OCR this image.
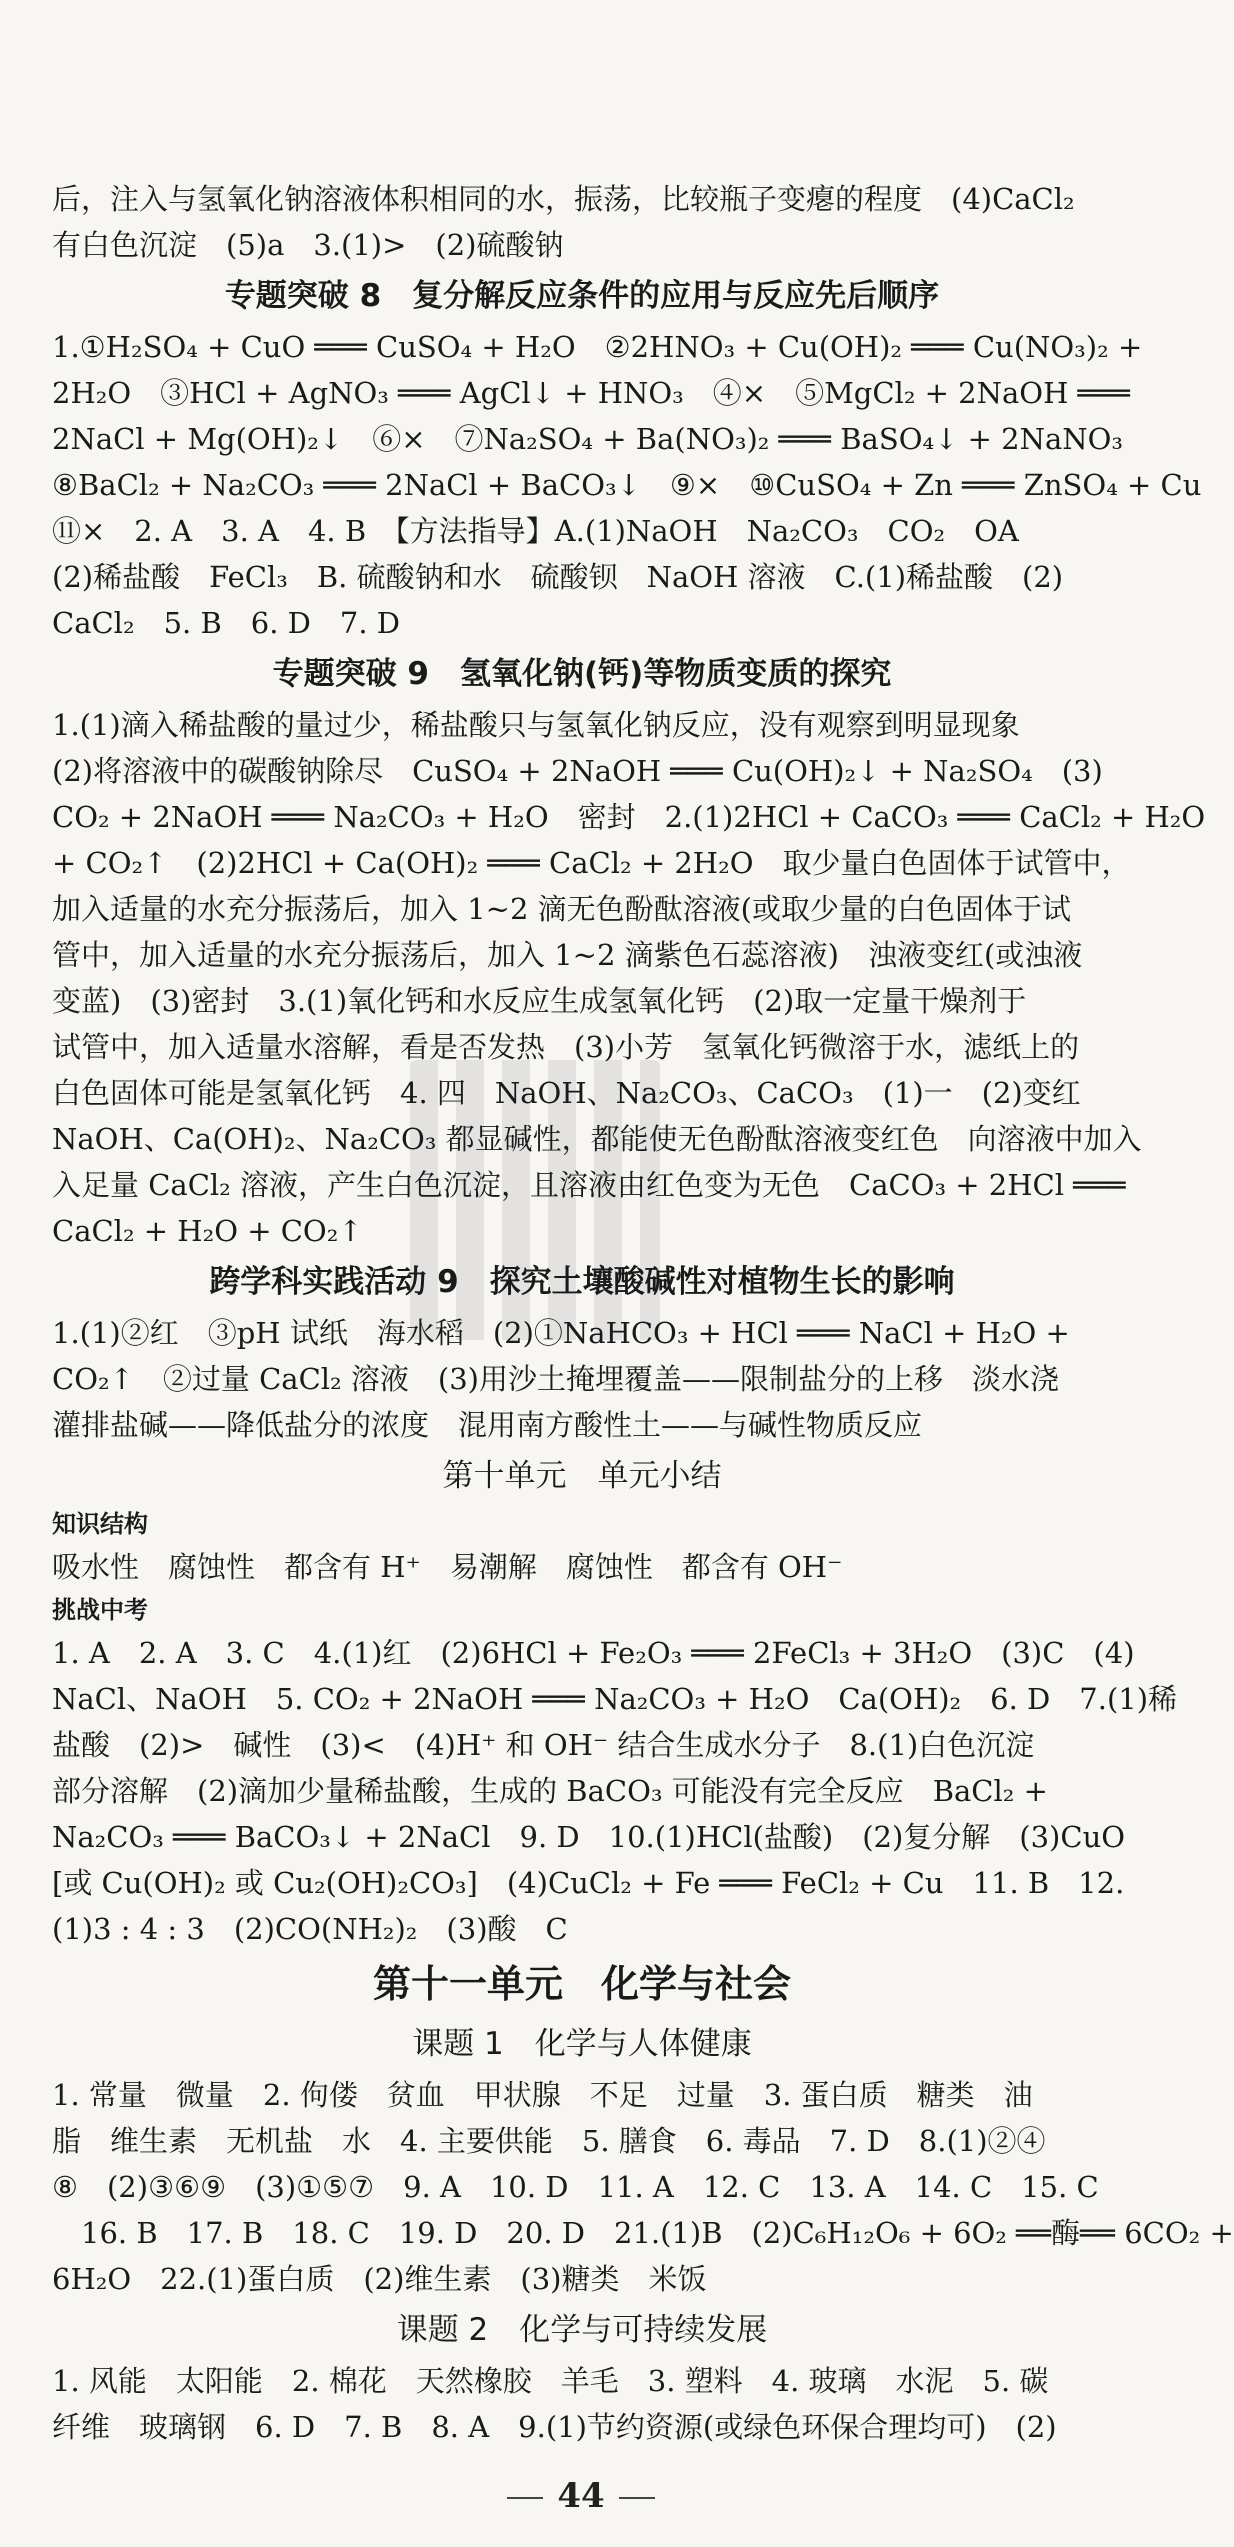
后，注入与氢氧化钠溶液体积相同的水，振荡，比较瓶子变瘪的程度　(4)CaCl₂
有白色沉淀　(5)a　3.(1)>　(2)硫酸钠
专题突破 8　复分解反应条件的应用与反应先后顺序
1.①H₂SO₄ + CuO ═══ CuSO₄ + H₂O　②2HNO₃ + Cu(OH)₂ ═══ Cu(NO₃)₂ +
2H₂O　③HCl + AgNO₃ ═══ AgCl↓ + HNO₃　④×　⑤MgCl₂ + 2NaOH ═══
2NaCl + Mg(OH)₂↓　⑥×　⑦Na₂SO₄ + Ba(NO₃)₂ ═══ BaSO₄↓ + 2NaNO₃
⑧BaCl₂ + Na₂CO₃ ═══ 2NaCl + BaCO₃↓　⑨×　⑩CuSO₄ + Zn ═══ ZnSO₄ + Cu
⑪×　2. A　3. A　4. B　【方法指导】A.(1)NaOH　Na₂CO₃　CO₂　OA
(2)稀盐酸　FeCl₃　B. 硫酸钠和水　硫酸钡　NaOH 溶液　C.(1)稀盐酸　(2)
CaCl₂　5. B　6. D　7. D
专题突破 9　氢氧化钠(钙)等物质变质的探究
1.(1)滴入稀盐酸的量过少，稀盐酸只与氢氧化钠反应，没有观察到明显现象
(2)将溶液中的碳酸钠除尽　CuSO₄ + 2NaOH ═══ Cu(OH)₂↓ + Na₂SO₄　(3)
CO₂ + 2NaOH ═══ Na₂CO₃ + H₂O　密封　2.(1)2HCl + CaCO₃ ═══ CaCl₂ + H₂O
+ CO₂↑　(2)2HCl + Ca(OH)₂ ═══ CaCl₂ + 2H₂O　取少量白色固体于试管中，
加入适量的水充分振荡后，加入 1~2 滴无色酚酞溶液(或取少量的白色固体于试
管中，加入适量的水充分振荡后，加入 1~2 滴紫色石蕊溶液)　浊液变红(或浊液
变蓝)　(3)密封　3.(1)氧化钙和水反应生成氢氧化钙　(2)取一定量干燥剂于
试管中，加入适量水溶解，看是否发热　(3)小芳　氢氧化钙微溶于水，滤纸上的
白色固体可能是氢氧化钙　4. 四　NaOH、Na₂CO₃、CaCO₃　(1)一　(2)变红
NaOH、Ca(OH)₂、Na₂CO₃ 都显碱性，都能使无色酚酞溶液变红色　向溶液中加入
入足量 CaCl₂ 溶液，产生白色沉淀，且溶液由红色变为无色　CaCO₃ + 2HCl ═══
CaCl₂ + H₂O + CO₂↑
跨学科实践活动 9　探究土壤酸碱性对植物生长的影响
1.(1)②红　③pH 试纸　海水稻　(2)①NaHCO₃ + HCl ═══ NaCl + H₂O +
CO₂↑　②过量 CaCl₂ 溶液　(3)用沙土掩埋覆盖——限制盐分的上移　淡水浇
灌排盐碱——降低盐分的浓度　混用南方酸性土——与碱性物质反应
第十单元　单元小结
知识结构
吸水性　腐蚀性　都含有 H⁺　易潮解　腐蚀性　都含有 OH⁻
挑战中考
1. A　2. A　3. C　4.(1)红　(2)6HCl + Fe₂O₃ ═══ 2FeCl₃ + 3H₂O　(3)C　(4)
NaCl、NaOH　5. CO₂ + 2NaOH ═══ Na₂CO₃ + H₂O　Ca(OH)₂　6. D　7.(1)稀
盐酸　(2)>　碱性　(3)<　(4)H⁺ 和 OH⁻ 结合生成水分子　8.(1)白色沉淀
部分溶解　(2)滴加少量稀盐酸，生成的 BaCO₃ 可能没有完全反应　BaCl₂ +
Na₂CO₃ ═══ BaCO₃↓ + 2NaCl　9. D　10.(1)HCl(盐酸)　(2)复分解　(3)CuO
[或 Cu(OH)₂ 或 Cu₂(OH)₂CO₃]　(4)CuCl₂ + Fe ═══ FeCl₂ + Cu　11. B　12.
(1)3 : 4 : 3　(2)CO(NH₂)₂　(3)酸　C
第十一单元　化学与社会
课题 1　化学与人体健康
1. 常量　微量　2. 佝偻　贫血　甲状腺　不足　过量　3. 蛋白质　糖类　油
脂　维生素　无机盐　水　4. 主要供能　5. 膳食　6. 毒品　7. D　8.(1)②④
⑧　(2)③⑥⑨　(3)①⑤⑦　9. A　10. D　11. A　12. C　13. A　14. C　15. C
　16. B　17. B　18. C　19. D　20. D　21.(1)B　(2)C₆H₁₂O₆ + 6O₂ ══酶══ 6CO₂ +
6H₂O　22.(1)蛋白质　(2)维生素　(3)糖类　米饭
课题 2　化学与可持续发展
1. 风能　太阳能　2. 棉花　天然橡胶　羊毛　3. 塑料　4. 玻璃　水泥　5. 碳
纤维　玻璃钢　6. D　7. B　8. A　9.(1)节约资源(或绿色环保合理均可)　(2)
44
